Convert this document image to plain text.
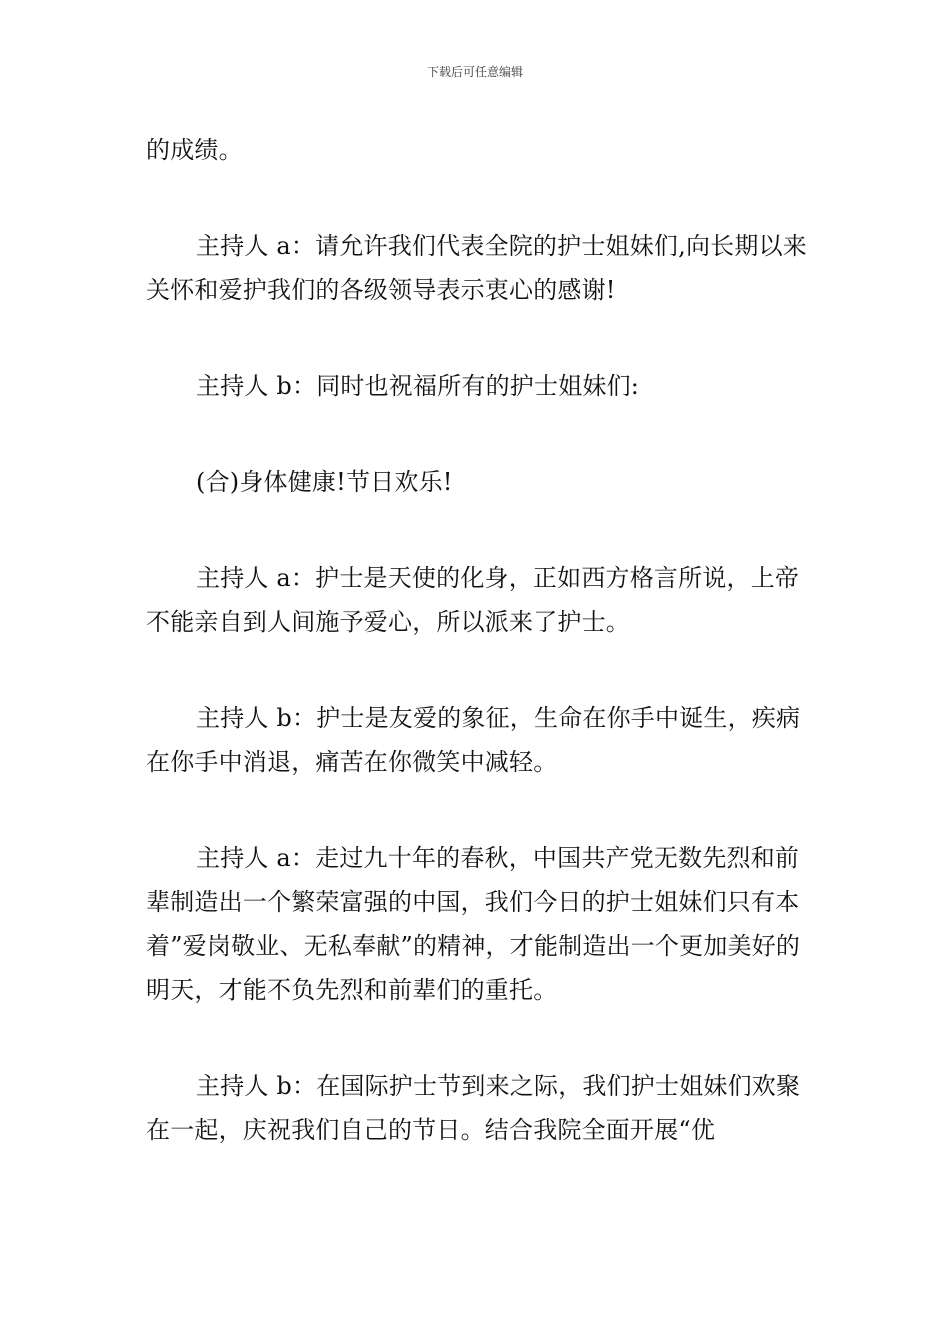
下载后可任意编辑

的成绩。

主持人 a：请允许我们代表全院的护士姐妹们,向长期以来关怀和爱护我们的各级领导表示衷心的感谢!

主持人 b：同时也祝福所有的护士姐妹们:

(合)身体健康!节日欢乐!

主持人 a：护士是天使的化身，正如西方格言所说，上帝不能亲自到人间施予爱心，所以派来了护士。

主持人 b：护士是友爱的象征，生命在你手中诞生，疾病在你手中消退，痛苦在你微笑中减轻。

主持人 a：走过九十年的春秋，中国共产党无数先烈和前辈制造出一个繁荣富强的中国，我们今日的护士姐妹们只有本着”爱岗敬业、无私奉献”的精神，才能制造出一个更加美好的明天，才能不负先烈和前辈们的重托。

主持人 b：在国际护士节到来之际，我们护士姐妹们欢聚在一起，庆祝我们自己的节日。结合我院全面开展“优
